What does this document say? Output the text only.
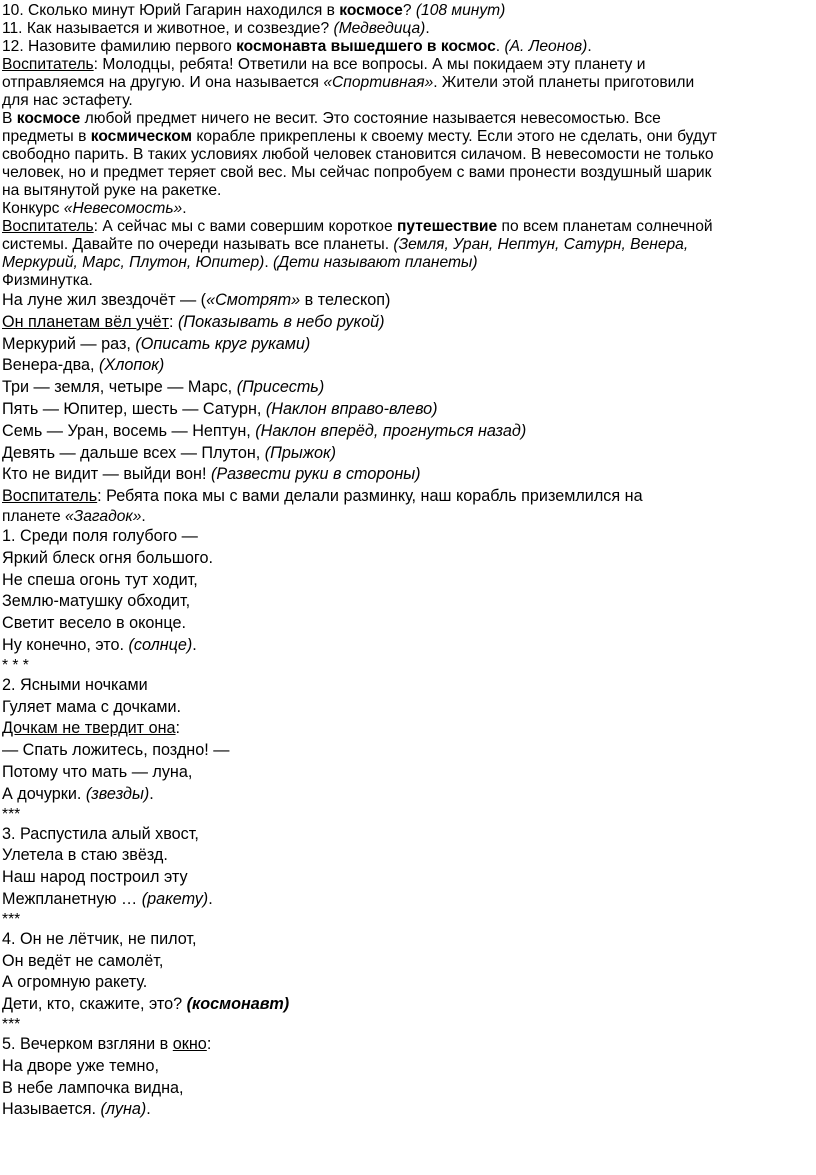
10. Сколько минут Юрий Гагарин находился в космосе? (108 минут)
11. Как называется и животное, и созвездие? (Медведица).
12. Назовите фамилию первого космонавта вышедшего в космос. (А. Леонов).
Воспитатель: Молодцы, ребята! Ответили на все вопросы. А мы покидаем эту планету и
отправляемся на другую. И она называется «Спортивная». Жители этой планеты приготовили
для нас эстафету.
В космосе любой предмет ничего не весит. Это состояние называется невесомостью. Все
предметы в космическом корабле прикреплены к своему месту. Если этого не сделать, они будут
свободно парить. В таких условиях любой человек становится силачом. В невесомости не только
человек, но и предмет теряет свой вес. Мы сейчас попробуем с вами пронести воздушный шарик
на вытянутой руке на ракетке.
Конкурс «Невесомость».
Воспитатель: А сейчас мы с вами совершим короткое путешествие по всем планетам солнечной
системы. Давайте по очереди называть все планеты. (Земля, Уран, Нептун, Сатурн, Венера,
Меркурий, Марс, Плутон, Юпитер). (Дети называют планеты)
Физминутка.
На луне жил звездочёт — («Смотрят» в телескоп)
Он планетам вёл учёт: (Показывать в небо рукой)
Меркурий — раз, (Описать круг руками)
Венера-два, (Хлопок)
Три — земля, четыре — Марс, (Присесть)
Пять — Юпитер, шесть — Сатурн, (Наклон вправо-влево)
Семь — Уран, восемь — Нептун, (Наклон вперёд, прогнуться назад)
Девять — дальше всех — Плутон, (Прыжок)
Кто не видит — выйди вон! (Развести руки в стороны)
Воспитатель: Ребята пока мы с вами делали разминку, наш корабль приземлился на
планете «Загадок».
1. Среди поля голубого —
Яркий блеск огня большого.
Не спеша огонь тут ходит,
Землю-матушку обходит,
Светит весело в оконце.
Ну конечно, это. (солнце).
* * *
2. Ясными ночками
Гуляет мама с дочками.
Дочкам не твердит она:
— Спать ложитесь, поздно! —
Потому что мать — луна,
А дочурки. (звезды).
***
3. Распустила алый хвост,
Улетела в стаю звёзд.
Наш народ построил эту
Межпланетную … (ракету).
***
4. Он не лётчик, не пилот,
Он ведёт не самолёт,
А огромную ракету.
Дети, кто, скажите, это? (космонавт)
***
5. Вечерком взгляни в окно:
На дворе уже темно,
В небе лампочка видна,
Называется. (луна).
